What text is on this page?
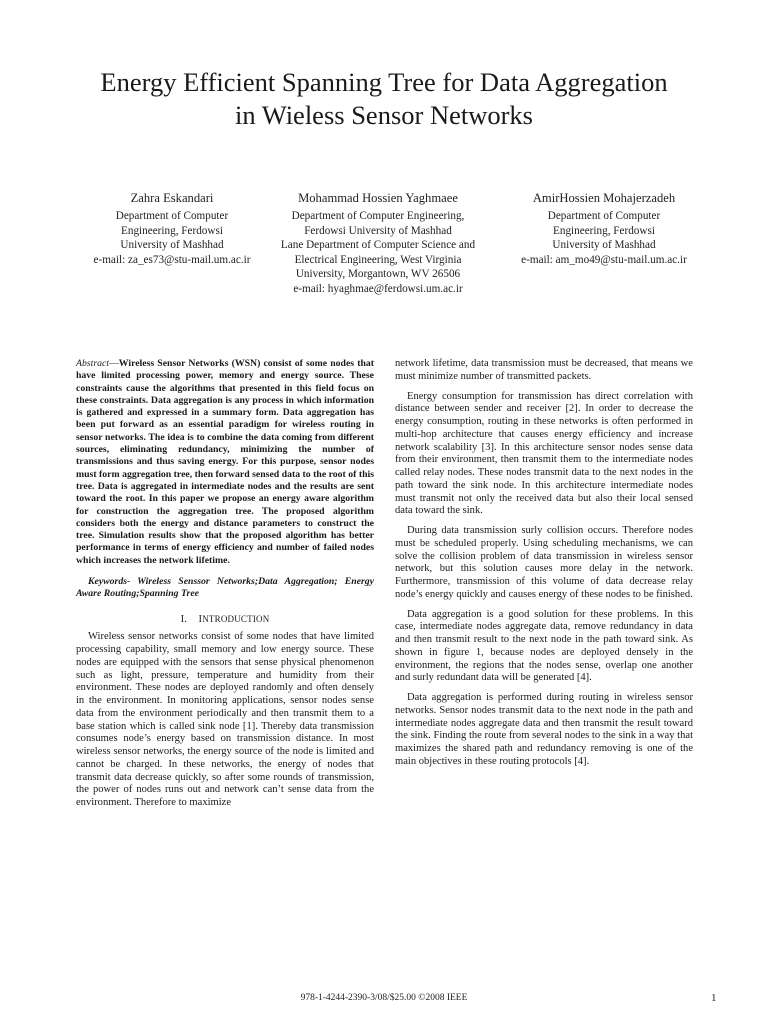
Energy Efficient Spanning Tree for Data Aggregation
in Wieless Sensor Networks
Zahra Eskandari
Department of Computer
Engineering, Ferdowsi
University of Mashhad
e-mail: za_es73@stu-mail.um.ac.ir
Mohammad Hossien Yaghmaee
Department of Computer Engineering,
Ferdowsi University of Mashhad
Lane Department of Computer Science and
Electrical Engineering, West Virginia
University, Morgantown, WV 26506
e-mail: hyaghmae@ferdowsi.um.ac.ir
AmirHossien Mohajerzadeh
Department of Computer
Engineering, Ferdowsi
University of Mashhad
e-mail: am_mo49@stu-mail.um.ac.ir

Abstract—Wireless Sensor Networks (WSN) consist of some nodes that have limited processing power, memory and energy source. These constraints cause the algorithms that presented in this field focus on these constraints. Data aggregation is any process in which information is gathered and expressed in a summary form. Data aggregation has been put forward as an essential paradigm for wireless routing in sensor networks. The idea is to combine the data coming from different sources, eliminating redundancy, minimizing the number of transmissions and thus saving energy. For this purpose, sensor nodes must form aggregation tree, then forward sensed data to the root of this tree. Data is aggregated in intermediate nodes and the results are sent toward the root. In this paper we propose an energy aware algorithm for construction the aggregation tree. The proposed algorithm considers both the energy and distance parameters to construct the tree. Simulation results show that the proposed algorithm has better performance in terms of energy efficiency and number of failed nodes which increases the network lifetime.

Keywords- Wireless Senssor Networks;Data Aggregation; Energy Aware Routing;Spanning Tree

I. INTRODUCTION

Wireless sensor networks consist of some nodes that have limited processing capability, small memory and low energy source. These nodes are equipped with the sensors that sense physical phenomenon such as light, pressure, temperature and humidity from their environment. These nodes are deployed randomly and often densely in the environment. In monitoring applications, sensor nodes sense data from the environment periodically and then transmit them to a base station which is called sink node [1]. Thereby data transmission consumes node’s energy based on transmission distance. In most wireless sensor networks, the energy source of the node is limited and cannot be charged. In these networks, the energy of nodes that transmit data decrease quickly, so after some rounds of transmission, the power of nodes runs out and network can’t sense data from the environment. Therefore to maximize

network lifetime, data transmission must be decreased, that means we must minimize number of transmitted packets.

Energy consumption for transmission has direct correlation with distance between sender and receiver [2]. In order to decrease the energy consumption, routing in these networks is often performed in multi-hop architecture that causes energy efficiency and increase network scalability [3]. In this architecture sensor nodes sense data from their environment, then transmit them to the intermediate nodes called relay nodes. These nodes transmit data to the next nodes in the path toward the sink node. In this architecture intermediate nodes must transmit not only the received data but also their local sensed data toward the sink.

During data transmission surly collision occurs. Therefore nodes must be scheduled properly. Using scheduling mechanisms, we can solve the collision problem of data transmission in wireless sensor network, but this solution causes more delay in the network. Furthermore, transmission of this volume of data decrease relay node’s energy quickly and causes energy of these nodes to be finished.

Data aggregation is a good solution for these problems. In this case, intermediate nodes aggregate data, remove redundancy in data and then transmit result to the next node in the path toward sink. As shown in figure 1, because nodes are deployed densely in the environment, the regions that the nodes sense, overlap one another and surly redundant data will be generated [4].

Data aggregation is performed during routing in wireless sensor networks. Sensor nodes transmit data to the next node in the path and intermediate nodes aggregate data and then transmit the result toward the sink. Finding the route from several nodes to the sink in a way that maximizes the shared path and redundancy removing is one of the main objectives in these routing protocols [4].

978-1-4244-2390-3/08/$25.00 ©2008 IEEE	1
